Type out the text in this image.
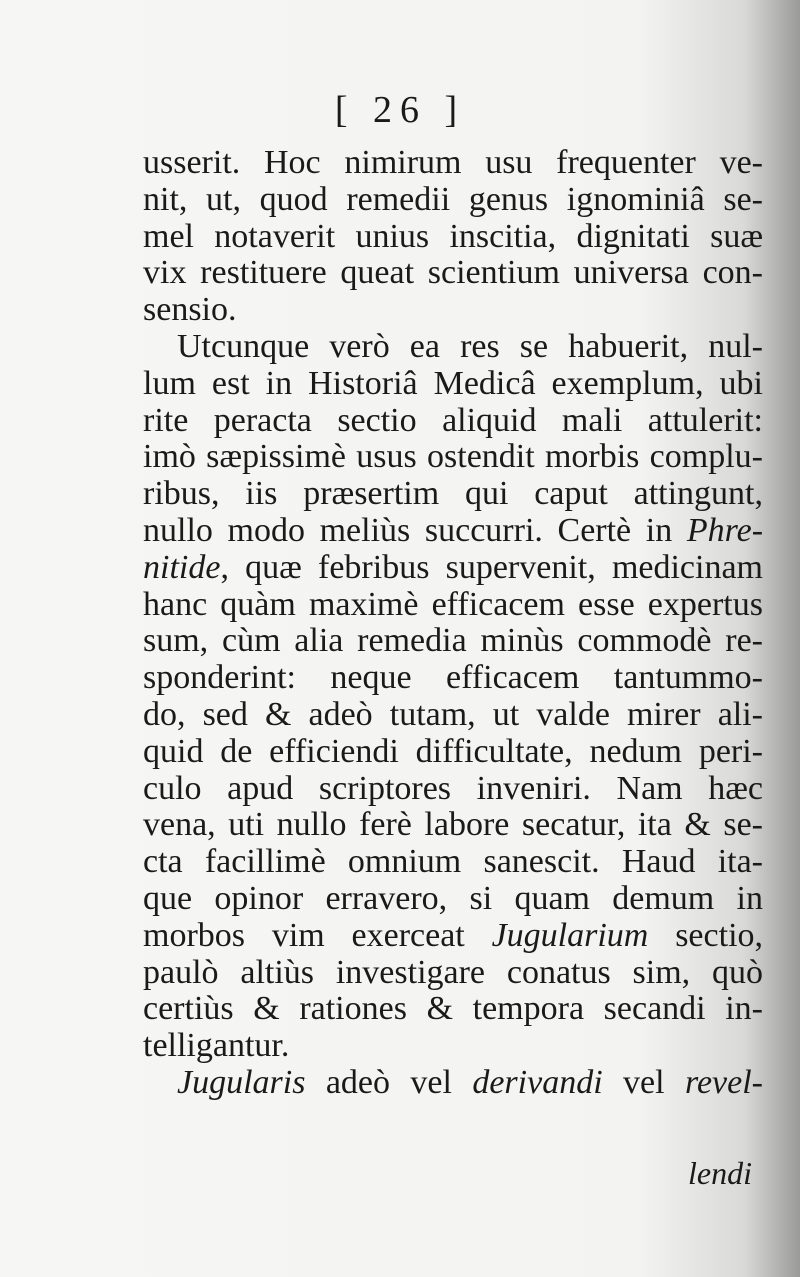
[ 26 ]
usserit. Hoc nimirum usu frequenter ve-
nit, ut, quod remedii genus ignominiâ se-
mel notaverit unius inscitia, dignitati suæ
vix restituere queat scientium universa con-
sensio.
Utcunque verò ea res se habuerit, nul-
lum est in Historiâ Medicâ exemplum, ubi
rite peracta sectio aliquid mali attulerit:
imò sæpissimè usus ostendit morbis complu-
ribus, iis præsertim qui caput attingunt,
nullo modo meliùs succurri. Certè in Phre-
nitide, quæ febribus supervenit, medicinam
hanc quàm maximè efficacem esse expertus
sum, cùm alia remedia minùs commodè re-
sponderint: neque efficacem tantummo-
do, sed & adeò tutam, ut valde mirer ali-
quid de efficiendi difficultate, nedum peri-
culo apud scriptores inveniri. Nam hæc
vena, uti nullo ferè labore secatur, ita & se-
cta facillimè omnium sanescit. Haud ita-
que opinor erravero, si quam demum in
morbos vim exerceat Jugularium sectio,
paulò altiùs investigare conatus sim, quò
certiùs & rationes & tempora secandi in-
telligantur.
Jugularis adeò vel derivandi vel revel-
lendi
